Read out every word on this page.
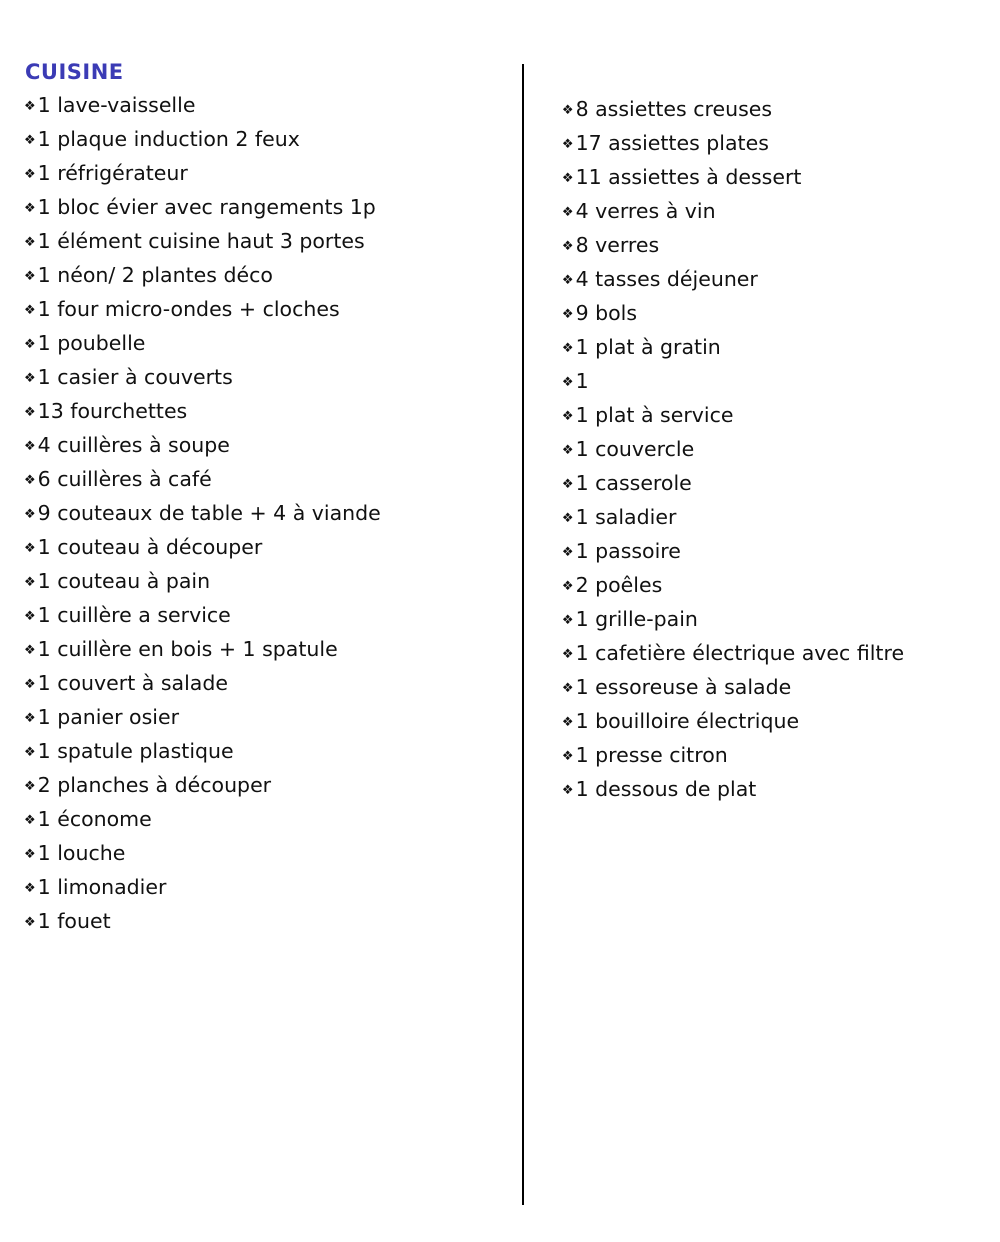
CUISINE
❖ 1 lave-vaisselle
❖ 1 plaque induction 2 feux
❖ 1 réfrigérateur
❖ 1 bloc évier avec rangements 1p
❖ 1 élément cuisine haut 3 portes
❖ 1 néon/ 2 plantes déco
❖ 1 four micro-ondes + cloches
❖ 1 poubelle
❖ 1 casier à couverts
❖ 13 fourchettes
❖ 4 cuillères à soupe
❖ 6 cuillères à café
❖ 9 couteaux de table + 4 à viande
❖ 1 couteau à découper
❖ 1 couteau à pain
❖ 1 cuillère a service
❖ 1 cuillère en bois + 1 spatule
❖ 1 couvert à salade
❖ 1 panier osier
❖ 1 spatule plastique
❖ 2 planches à découper
❖ 1 économe
❖ 1 louche
❖ 1 limonadier
❖ 1 fouet
❖ 8 assiettes creuses
❖ 17 assiettes plates
❖ 11 assiettes à dessert
❖ 4 verres à vin
❖ 8 verres
❖ 4 tasses déjeuner
❖ 9 bols
❖ 1 plat à gratin
❖ 1
❖ 1 plat à service
❖ 1 couvercle
❖ 1 casserole
❖ 1 saladier
❖ 1 passoire
❖ 2 poêles
❖ 1 grille-pain
❖ 1 cafetière électrique avec filtre
❖ 1 essoreuse à salade
❖ 1 bouilloire électrique
❖ 1 presse citron
❖ 1 dessous de plat
